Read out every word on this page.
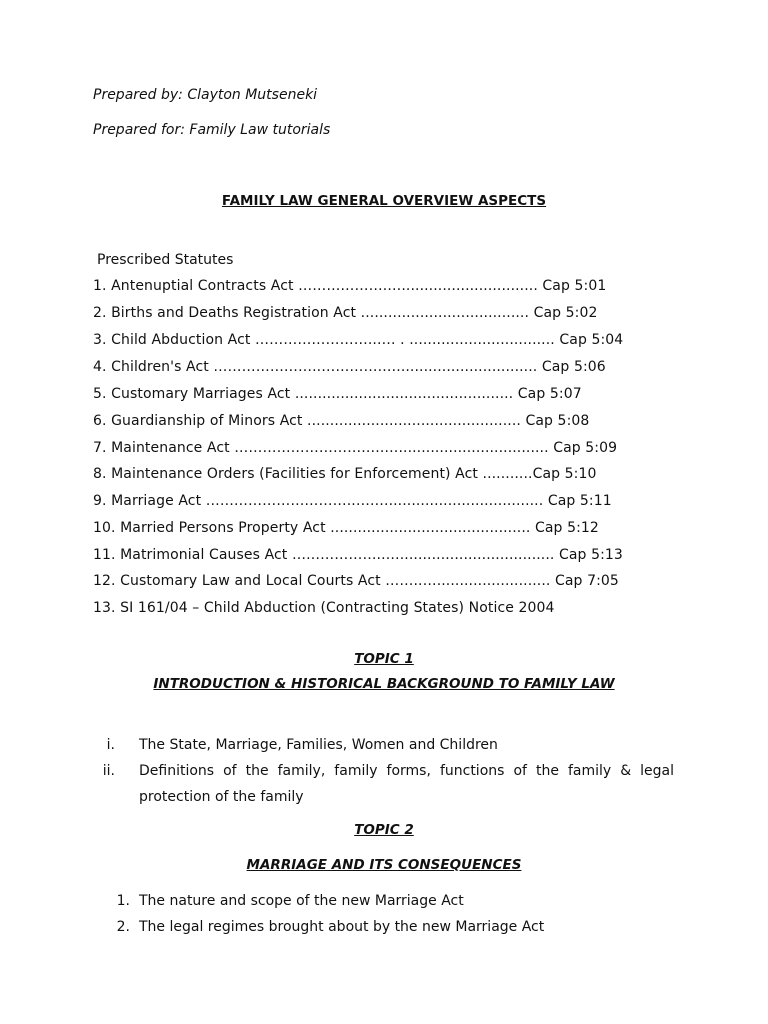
Prepared by: Clayton Mutseneki
Prepared for: Family Law tutorials
FAMILY LAW GENERAL OVERVIEW ASPECTS
Prescribed Statutes
1. Antenuptial Contracts Act ……………….….............................. Cap 5:01
2. Births and Deaths Registration Act ..................................... Cap 5:02
3. Child Abduction Act ……………………..…. . ................................ Cap 5:04
4. Children's Act …………………..………….…............................... Cap 5:06
5. Customary Marriages Act ................................................ Cap 5:07
6. Guardianship of Minors Act ............................................... Cap 5:08
7. Maintenance Act …………………………..…................................. Cap 5:09
8. Maintenance Orders (Facilities for Enforcement) Act ...........Cap 5:10
9. Marriage Act …………………………..……................................... Cap 5:11
10. Married Persons Property Act ............................................ Cap 5:12
11. Matrimonial Causes Act ………………..….................................. Cap 5:13
12. Customary Law and Local Courts Act ……..…......................... Cap 7:05
13. SI 161/04 – Child Abduction (Contracting States) Notice 2004
TOPIC 1
INTRODUCTION & HISTORICAL BACKGROUND TO FAMILY LAW
i. The State, Marriage, Families, Women and Children
ii. Definitions of the family, family forms, functions of the family & legal protection of the family
TOPIC 2
MARRIAGE AND ITS CONSEQUENCES
1. The nature and scope of the new Marriage Act
2. The legal regimes brought about by the new Marriage Act
